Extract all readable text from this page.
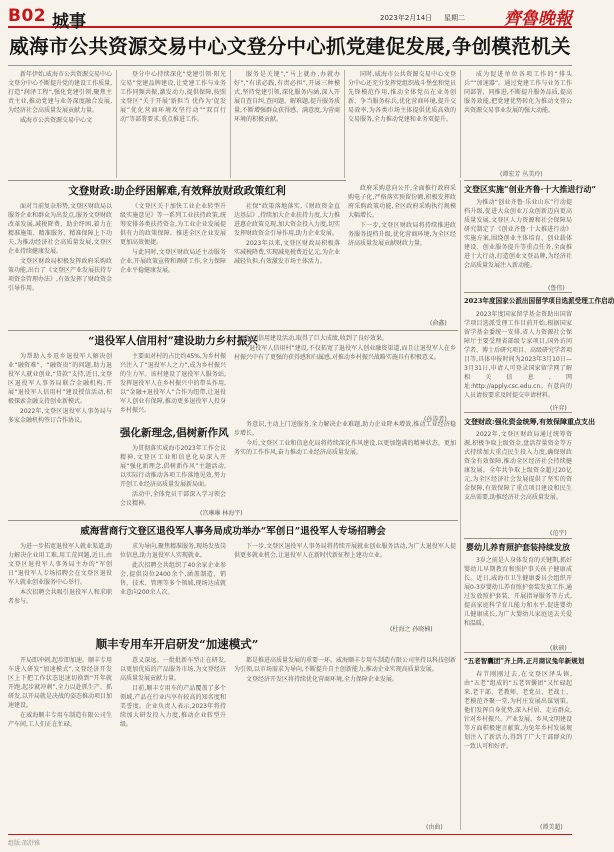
B02 城事	2023年2月14日 星期二 齊魯晚報
威海市公共资源交易中心文登分中心抓党建促发展,争创模范机关

新年伊始,威海市公共资源交易中心文登分中心不断提升党的建设工作质量,打造“润泽工程”,强化党建引领,聚焦主责主业,推动党建与业务深度融合发展,为经济社会高质量发展贡献力量。

威海市公共资源交易中心文

登分中心持续深化“党建引领·阳光交易”党建品牌建设,让党建工作与业务工作同频共振,激发动力,提供保障,按照文登区“关于开展‘新担当 优作为’促发展”优化营商环境攻坚行动”“双百行动”等部署要求,重点推进工作。

服务是关键”,“马上就办,办就办好”,“有诺必践,有责必担”,开展三种模式,坚持党建引领,深化服务内涵,深入开展自查自纠,查问题、解难题,提升服务质量,不断增强群众获得感、满意度,为营商环境的积极贡献。

同时,威海市公共资源交易中心文登分中心还充分发挥党组织战斗堡垒和党员先锋模范作用,推动全体党员在业务创新、争当服务标兵,优化营商环境,提升交易效率,为各类市场主体提供优质高效的交易服务,全力推动党建和业务双提升。

成为促进单位各项工作的“排头兵”“加速器”。通过党建工作与业务工作同部署、同推进,不断提升服务品质,提高服务效能,把党建优势转化为推动文登公共资源交易事业发展的强大动能。

(谭宏芳 丛美玲)
文登财政:助企纾困解难,有效释放财政政策红利

面对当前复杂形势,文登区财政局以服务企业和群众为出发点,服务文登财政改革发展,减税降费、助企纾困,着力在精准施策、精准服务、精准保障上下功夫,为推动经济社会高质量发展,文登区企业持续健康发展。

文登区财政局积极发挥政府采购政策功能,出台了《文登区产业发展扶持专项资金管理办法》,有效发挥了财政资金引导作用。

《文登区关于加快工业企业转型升级实施意见》等一系列工业扶持政策,统筹安排各类扶持资金,为工业企业发展提供有力的政策保障。推进全区企业发展更加高效便捷。

与此同时,文登区财政局还主动服务企业,开展政策宣传和调研工作,全力保障企业平稳健康发展。

社保”政策落地落实,《财政资金直达基层》,持续加大企业扶持力度,大力推进惠企政策兑现,加大资金投入力度,切实发挥财政资金引导作用,助力企业发展。

2023年以来,文登区财政局积极落实减税降费,实现减免税费近亿元,为企业减轻负担,有效激发市场主体活力。

政府采购意向公开,全面推行政府采购电子化,严格落实预留份额,积极发挥政府采购政策功能,全区政府采购执行规模大幅增长。

下一步,文登区财政局将持续推进政务服务提档升级,优化营商环境,为全区经济高质量发展贡献财政力量。

(俞鑫)
“退役军人信用村”建设助力乡村振兴

为帮助入乡返乡退役军人解决创业“融资难”、“融资贵”的问题,助力退役军人就业创业,“贷款”支持,近日,文登区退役军人事务局联合金融机构,开展“退役军人信用村”建设授信活动,积极探索金融支持创业新模式。

2022年,文登区退役军人事务局与多家金融机构签订合作协议。

主要面对村的占比约45%,为乡村振兴注入了“退役军人之力”,成为乡村振兴的生力军。该村建设了退役军人服务站,发挥退役军人在乡村振兴中的带头作用,以“金融+退役军人”合作为纽带,让退役军人创业有保障,推动更多退役军人投身乡村振兴。

展创信用建设活动,取得了巨大成绩,收到了良好效果。

“退役军人信用村”建设,不仅拓宽了退役军人创业融资渠道,而且让退役军人在乡村振兴中有了更强的获得感和归属感,对推动乡村振兴战略实施具有积极意义。

(孙涛者)
强化新理念,倡树新作风

为贯彻落实威海市2023年工作会议精神,文登区工业和信息化局深入开展“强化新理念,倡树新作风”主题活动,以实际行动推动各项工作落地见效,努力开创工业经济高质量发展新局面。

活动中,全体党员干部深入学习领会会议精神。

务意识,主动上门送服务,全力解决企业难题,助力企业降本增效,推动工业经济稳步增长。

今后,文登区工业和信息化局将持续深化作风建设,以更加饱满的精神状态、更加务实的工作作风,奋力推动工业经济高质量发展。

(宫琳琳 林海宇)
威海营商行文登区退役军人事务局成功举办“军创日”退役军人专场招聘会

为进一步拓宽退役军人就业渠道,助力解决企业用工难,用工荒问题,近日,由文登区退役军人事务局主办的“军创日”退役军人专场招聘会在文登区退役军人就业创业服务中心举行。

本次招聘会共吸引退役军人和求职者参与。

求为导向,聚焦精准服务,现场发放岗位信息,助力退役军人实现就业。

此次招聘会共组织了40余家企业参会,提供岗位2400余个,涵盖制造、销售、技术、管理等多个领域,现场达成就业意向200余人次。

下一步,文登区退役军人事务局将持续开展就业创业服务活动,为广大退役军人提供更多就业机会,让退役军人在新时代新征程上建功立业。

(杜海之 孙晓楠)
顺丰专用车开启研发“加速模式”

开局即冲刺,起步即加速。顺丰专用车进入研发“加速模式”,文登经济开发区上下把工作状态迅速切换到“开年就开跑,起步就冲刺”,全力以赴抓生产、抓研发,以开局就是决战的姿态推动项目加速建设。

在威海顺丰专用车制造有限公司生产车间,工人们正在忙碌。

意义深远。一批批新车型正在研发,以更加优质的产品服务市场,为文登经济高质量发展贡献力量。

目前,顺丰专用车的产品覆盖了多个领域,产品在行业内享有较高的知名度和美誉度。企业负责人表示,2023年将持续加大研发投入力度,推动企业转型升级。

都是推进高质量发展的重要一环。威海顺丰专用车制造有限公司坚持以科技创新为引领,以市场需求为导向,不断提升自主创新能力,推动企业实现高质量发展。

文登经济开发区将持续优化营商环境,全力保障企业发展。

(由曲)
文登区实施“创业齐鲁·十大推进行动”

为推动“创业齐鲁·乐业山东”行动提档升级,促进大众创业万众创新迈向更高质量发展,文登区人力资源和社会保障局研究制定了《创业齐鲁·十大推进行动》实施方案,围绕创业主体培育、创业载体建设、创业服务提升等重点任务,全面推进十大行动,打造创业文登品牌,为经济社会高质量发展注入新动能。

(鲁伟)
2023年度国家公派出国留学项目选派受理工作启动

2023年度国家留学基金资助出国留学项目选派受理工作目前开始,根据国家留学基金委统一安排,省人力资源社会保障厅主要受理省部级专家项目,国外访问学者、博士后研究项目、高级研究学者项目等,具体申报时间为2023年3月10日—3月31日,申请人可登录国家留学网了解相关信息,网址:http://apply.csc.edu.cn。有意向的人员请按要求及时提交申请材料。

(许弈)
文登财政:强化资金统筹,有效保障重点支出

2022年,文登区财政局通过统筹资源,积极争取上级资金,盘活存量资金等方式持续加大重点民生投入力度,确保财政资金有效保障,推动全区经济社会持续健康发展。全年共争取上级资金超过20亿元,为全区经济社会发展提供了坚实的资金保障,有效保障了重点项目建设和民生支出需要,助推经济社会高质量发展。

(范宇)
婴幼儿养育照护套装持续发放

3岁之前是人身体发育的关键期,抓好婴幼儿早期教育和照护事关孩子健康成长。近日,威海市卫生健康委员会组织开展0-3岁婴幼儿养育照护套装发放工作,通过发放照护套装、开展指导服务等方式,提高家庭科学育儿能力和水平,促进婴幼儿健康成长,为广大婴幼儿家庭送去关爱和温暖。

(耿硕)
“五老智囊团”齐上阵,正月商议兔年新规划

春节刚刚过去,在文登区泽头镇,由“五老”组成的“五老智囊团”又忙碌起来,老干部、老教师、老党员、老战士、老模范齐聚一堂,为村庄发展出谋划策。他们发挥自身优势,深入村居、走访群众,针对乡村振兴、产业发展、乡风文明建设等方面积极建言献策,为兔年乡村发展规划注入了新活力,得到了广大干部群众的一致认可和好评。

(谭美超)
组版:邵舒雅
